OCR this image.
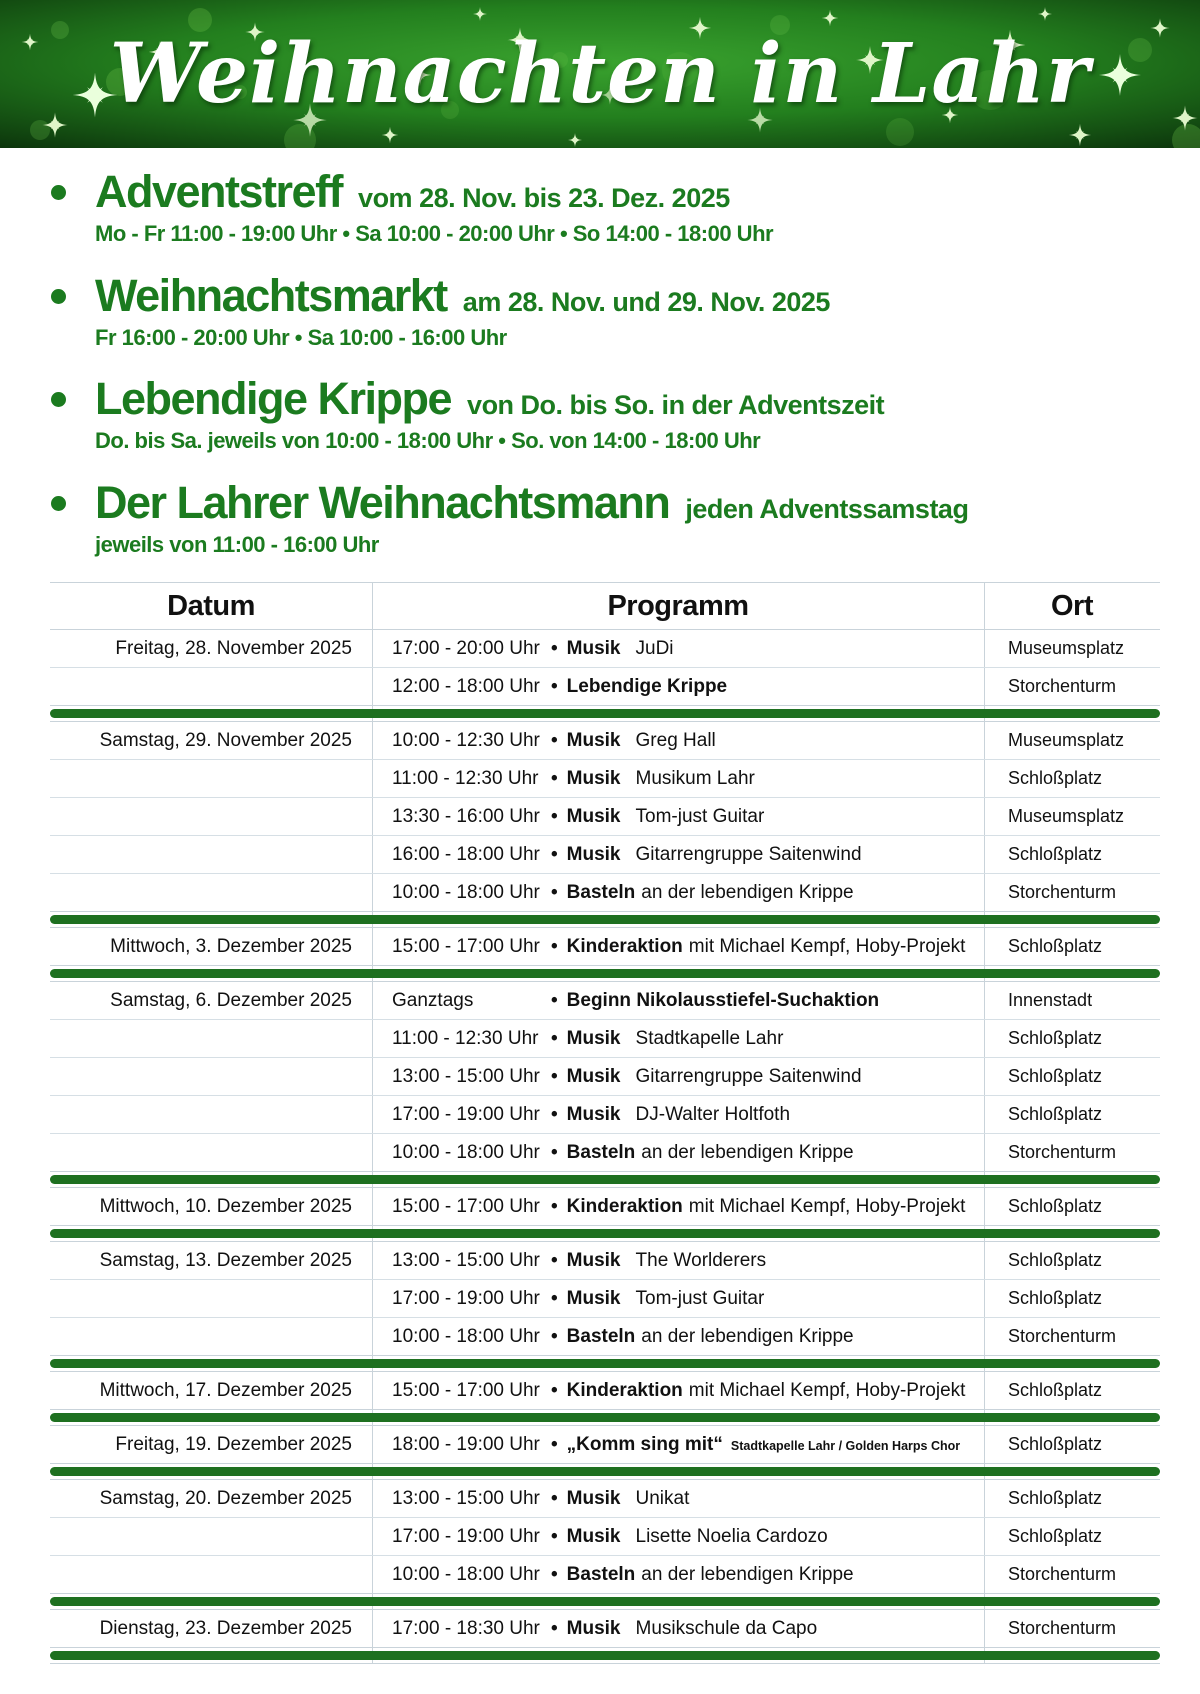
Weihnachten in Lahr
Adventstreff vom 28. Nov. bis 23. Dez. 2025

Mo - Fr 11:00 - 19:00 Uhr • Sa 10:00 - 20:00 Uhr • So 14:00 - 18:00 Uhr

Weihnachtsmarkt am 28. Nov. und 29. Nov. 2025

Fr 16:00 - 20:00 Uhr • Sa 10:00 - 16:00 Uhr

Lebendige Krippe von Do. bis So. in der Adventszeit

Do. bis Sa. jeweils von 10:00 - 18:00 Uhr • So. von 14:00 - 18:00 Uhr

Der Lahrer Weihnachtsmann jeden Adventssamstag

jeweils von 11:00 - 16:00 Uhr

Datum	Programm	Ort
Freitag, 28. November 2025	17:00 - 20:00 Uhr • Musik JuDi	Museumsplatz
12:00 - 18:00 Uhr • Lebendige Krippe	Storchenturm
Samstag, 29. November 2025	10:00 - 12:30 Uhr • Musik Greg Hall	Museumsplatz
11:00 - 12:30 Uhr • Musik Musikum Lahr	Schloßplatz
13:30 - 16:00 Uhr • Musik Tom-just Guitar	Museumsplatz
16:00 - 18:00 Uhr • Musik Gitarrengruppe Saitenwind	Schloßplatz
10:00 - 18:00 Uhr • Basteln an der lebendigen Krippe	Storchenturm
Mittwoch, 3. Dezember 2025	15:00 - 17:00 Uhr • Kinderaktion mit Michael Kempf, Hoby-Projekt	Schloßplatz
Samstag, 6. Dezember 2025	Ganztags	• Beginn Nikolausstiefel-Suchaktion	Innenstadt
11:00 - 12:30 Uhr • Musik Stadtkapelle Lahr	Schloßplatz
13:00 - 15:00 Uhr • Musik Gitarrengruppe Saitenwind	Schloßplatz
17:00 - 19:00 Uhr • Musik DJ-Walter Holtfoth	Schloßplatz
10:00 - 18:00 Uhr • Basteln an der lebendigen Krippe	Storchenturm
Mittwoch, 10. Dezember 2025	15:00 - 17:00 Uhr • Kinderaktion mit Michael Kempf, Hoby-Projekt	Schloßplatz
Samstag, 13. Dezember 2025	13:00 - 15:00 Uhr • Musik The Worlderers	Schloßplatz
17:00 - 19:00 Uhr • Musik Tom-just Guitar	Schloßplatz
10:00 - 18:00 Uhr • Basteln an der lebendigen Krippe	Storchenturm
Mittwoch, 17. Dezember 2025	15:00 - 17:00 Uhr • Kinderaktion mit Michael Kempf, Hoby-Projekt	Schloßplatz
Freitag, 19. Dezember 2025	18:00 - 19:00 Uhr • „Komm sing mit“ Stadtkapelle Lahr / Golden Harps Chor	Schloßplatz
Samstag, 20. Dezember 2025	13:00 - 15:00 Uhr • Musik Unikat	Schloßplatz
17:00 - 19:00 Uhr • Musik Lisette Noelia Cardozo	Schloßplatz
10:00 - 18:00 Uhr • Basteln an der lebendigen Krippe	Storchenturm
Dienstag, 23. Dezember 2025	17:00 - 18:30 Uhr • Musik Musikschule da Capo	Storchenturm
